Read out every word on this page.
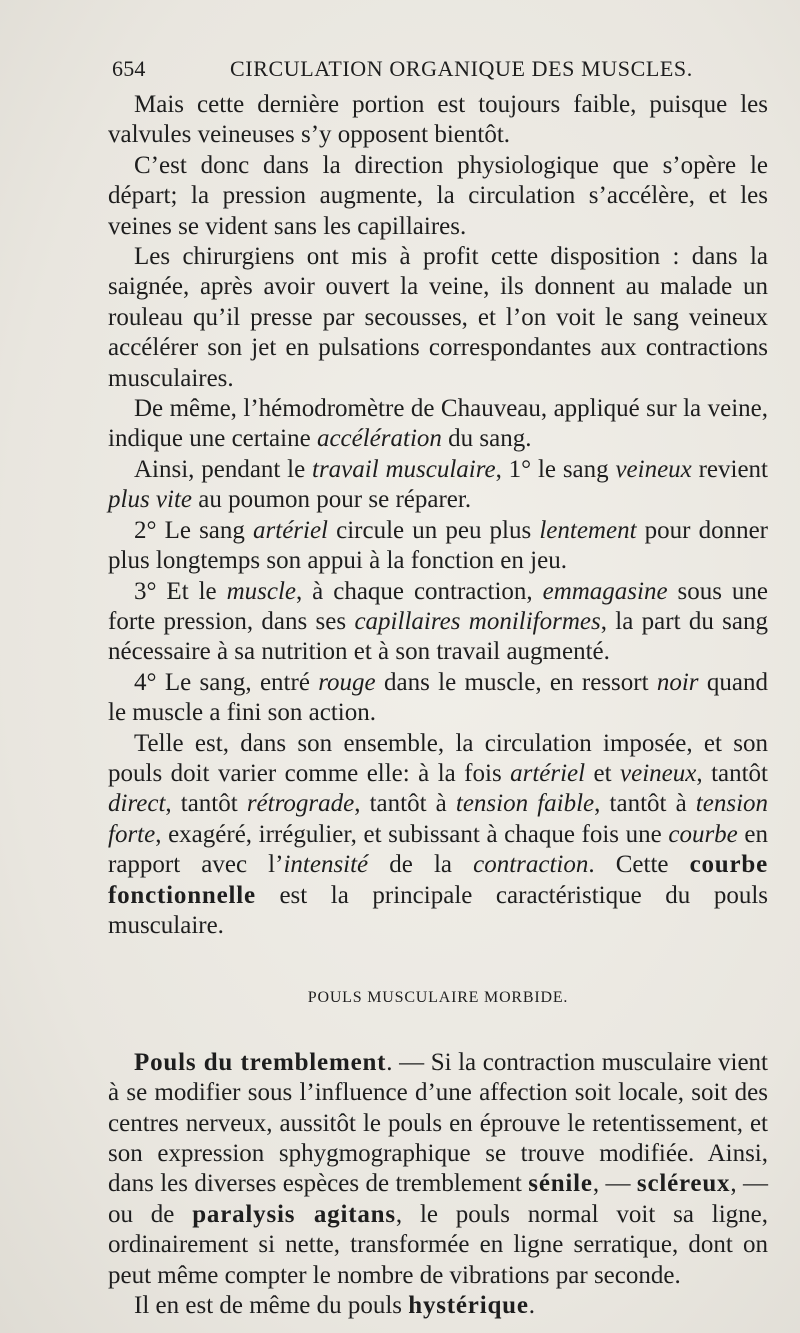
654	CIRCULATION ORGANIQUE DES MUSCLES.

Mais cette dernière portion est toujours faible, puisque les valvules veineuses s’y opposent bientôt.

C’est donc dans la direction physiologique que s’opère le départ; la pression augmente, la circulation s’accélère, et les veines se vident sans les capillaires.

Les chirurgiens ont mis à profit cette disposition : dans la saignée, après avoir ouvert la veine, ils donnent au malade un rouleau qu’il presse par secousses, et l’on voit le sang veineux accélérer son jet en pulsations correspondantes aux contractions musculaires.

De même, l’hémodromètre de Chauveau, appliqué sur la veine, indique une certaine accélération du sang.

Ainsi, pendant le travail musculaire, 1° le sang veineux revient plus vite au poumon pour se réparer.

2° Le sang artériel circule un peu plus lentement pour donner plus longtemps son appui à la fonction en jeu.

3° Et le muscle, à chaque contraction, emmagasine sous une forte pression, dans ses capillaires moniliformes, la part du sang nécessaire à sa nutrition et à son travail augmenté.

4° Le sang, entré rouge dans le muscle, en ressort noir quand le muscle a fini son action.

Telle est, dans son ensemble, la circulation imposée, et son pouls doit varier comme elle: à la fois artériel et veineux, tantôt direct, tantôt rétrograde, tantôt à tension faible, tantôt à tension forte, exagéré, irrégulier, et subissant à chaque fois une courbe en rapport avec l’intensité de la contraction. Cette courbe fonctionnelle est la principale caractéristique du pouls musculaire.

POULS MUSCULAIRE MORBIDE.

Pouls du tremblement. — Si la contraction musculaire vient à se modifier sous l’influence d’une affection soit locale, soit des centres nerveux, aussitôt le pouls en éprouve le retentissement, et son expression sphygmographique se trouve modifiée. Ainsi, dans les diverses espèces de tremblement sénile, — scléreux, — ou de paralysis agitans, le pouls normal voit sa ligne, ordinairement si nette, transformée en ligne serratique, dont on peut même compter le nombre de vibrations par seconde.

Il en est de même du pouls hystérique.
